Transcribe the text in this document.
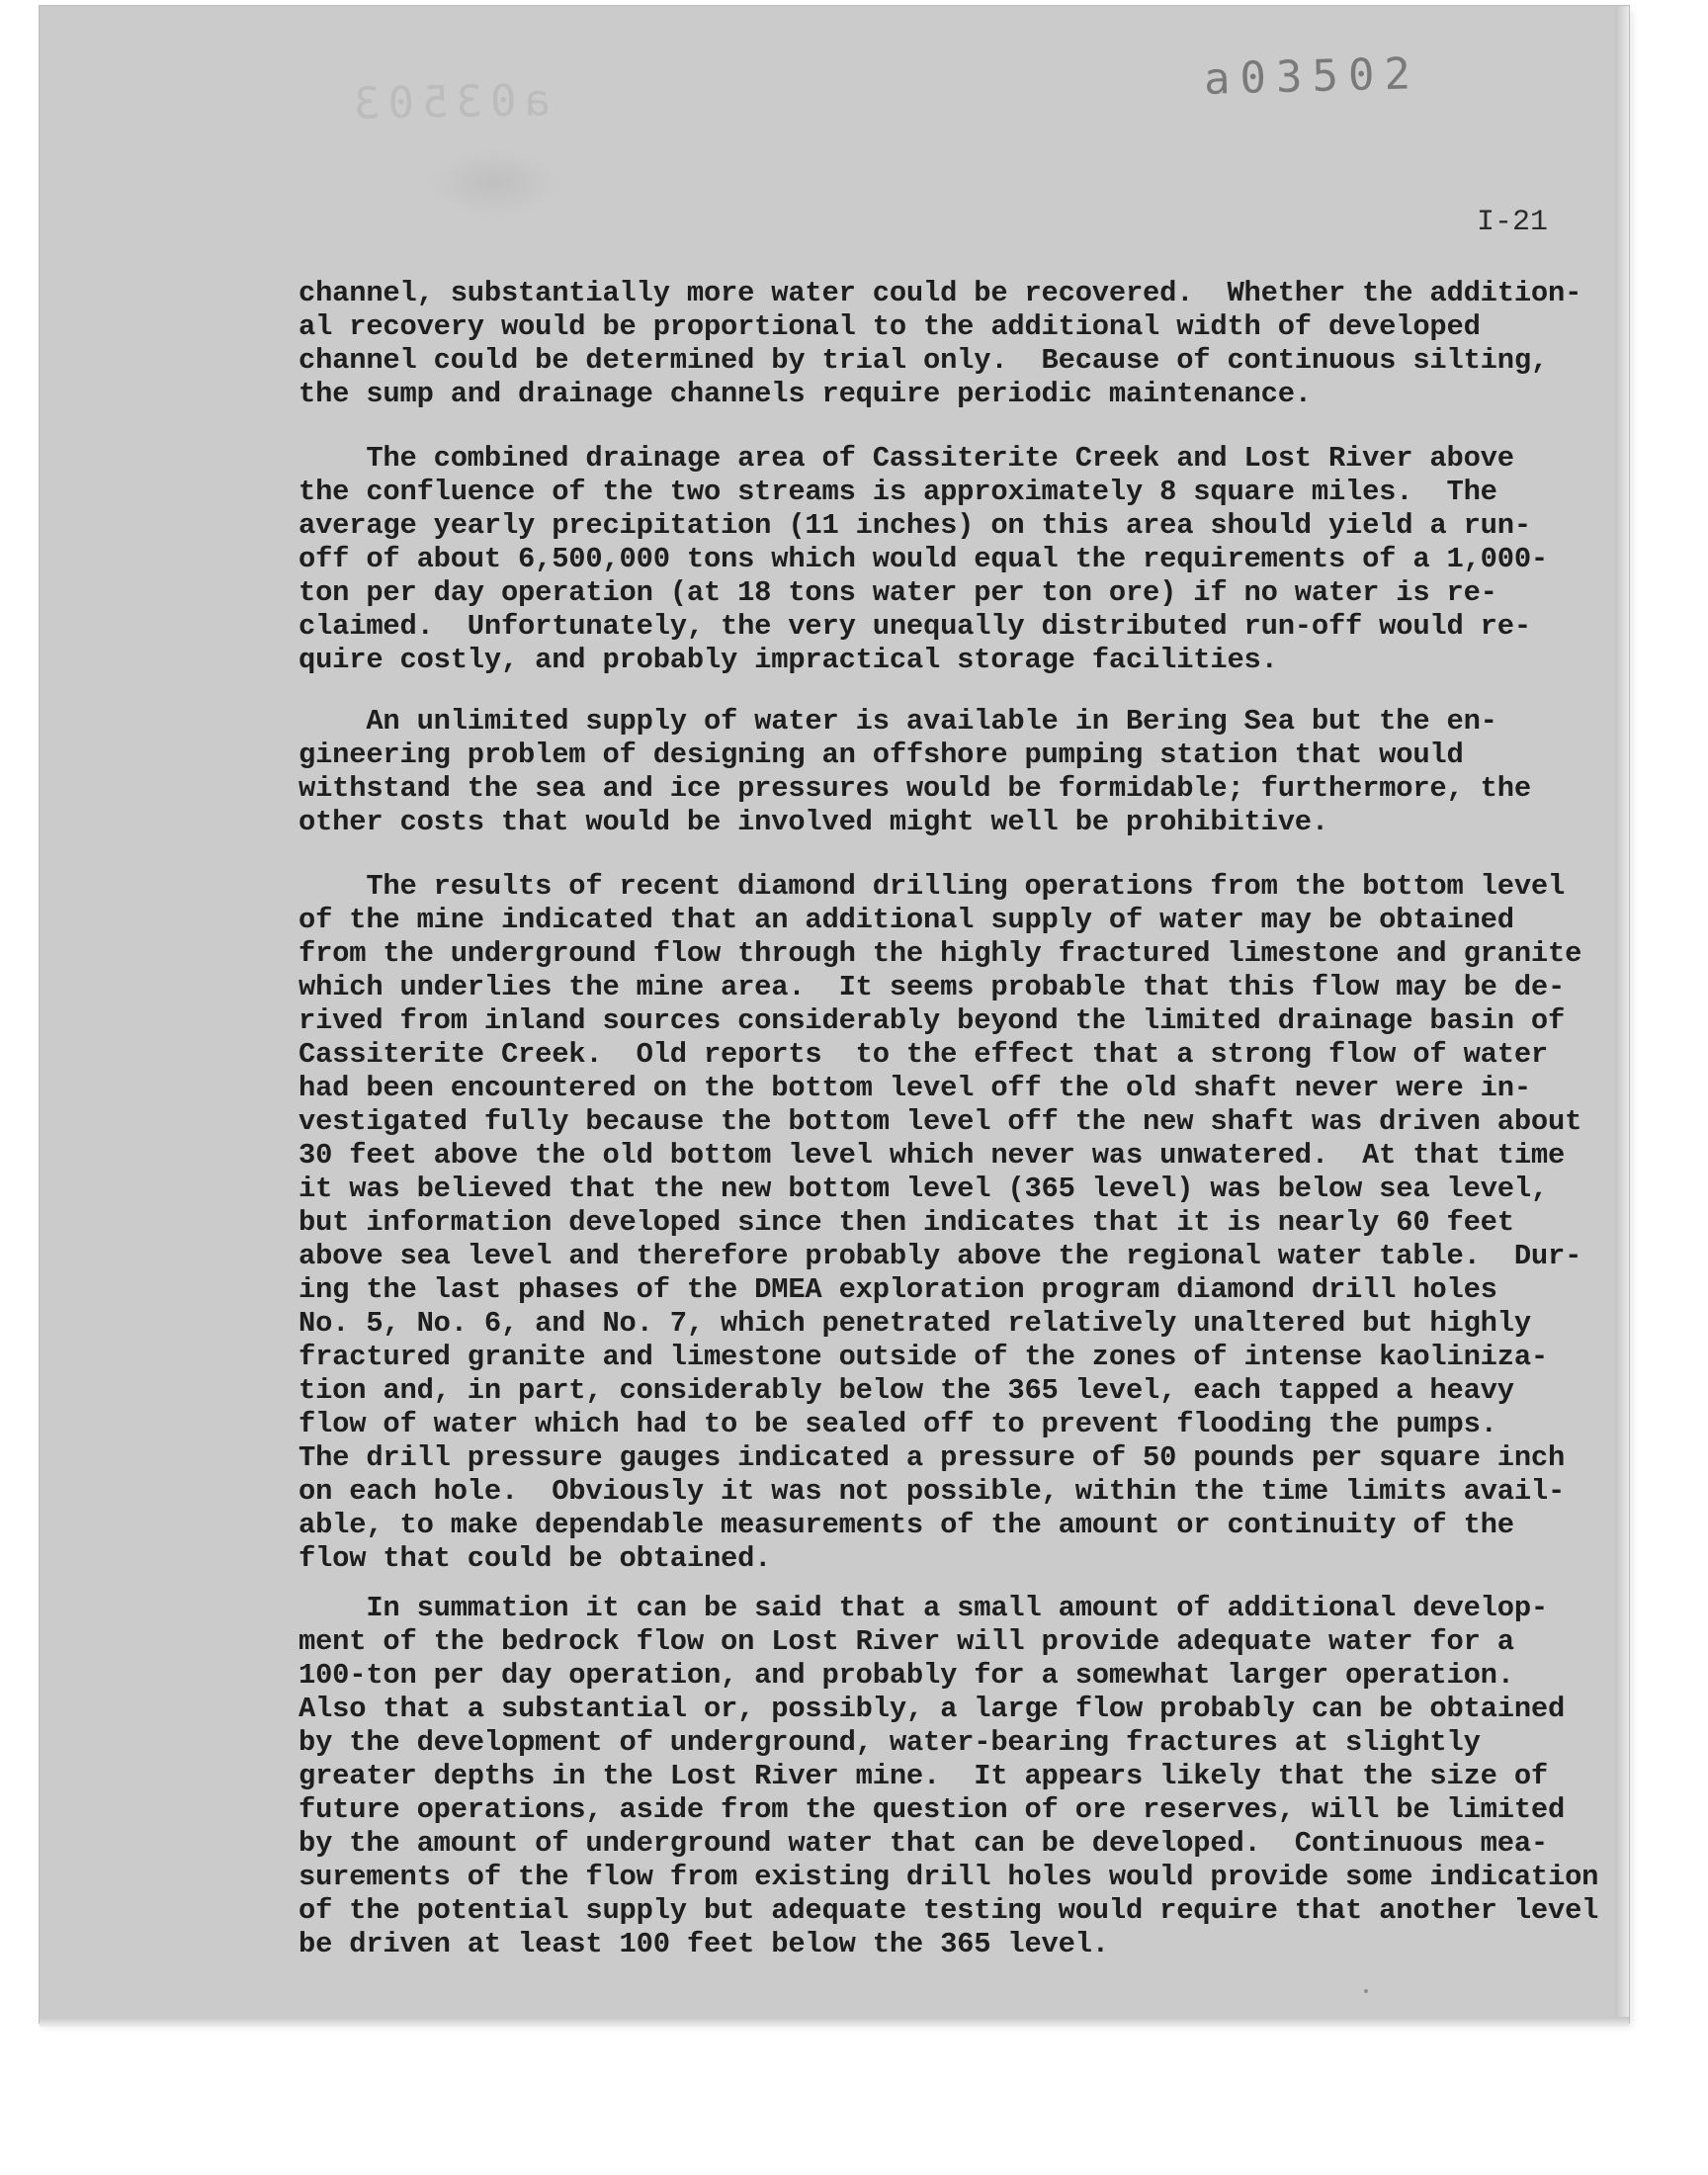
a03503	a03502
I-21
channel, substantially more water could be recovered.  Whether the addition-
al recovery would be proportional to the additional width of developed
channel could be determined by trial only.  Because of continuous silting,
the sump and drainage channels require periodic maintenance.
The combined drainage area of Cassiterite Creek and Lost River above
the confluence of the two streams is approximately 8 square miles.  The
average yearly precipitation (11 inches) on this area should yield a run-
off of about 6,500,000 tons which would equal the requirements of a 1,000-
ton per day operation (at 18 tons water per ton ore) if no water is re-
claimed.  Unfortunately, the very unequally distributed run-off would re-
quire costly, and probably impractical storage facilities.
An unlimited supply of water is available in Bering Sea but the en-
gineering problem of designing an offshore pumping station that would
withstand the sea and ice pressures would be formidable; furthermore, the
other costs that would be involved might well be prohibitive.
The results of recent diamond drilling operations from the bottom level
of the mine indicated that an additional supply of water may be obtained
from the underground flow through the highly fractured limestone and granite
which underlies the mine area.  It seems probable that this flow may be de-
rived from inland sources considerably beyond the limited drainage basin of
Cassiterite Creek.  Old reports  to the effect that a strong flow of water
had been encountered on the bottom level off the old shaft never were in-
vestigated fully because the bottom level off the new shaft was driven about
30 feet above the old bottom level which never was unwatered.  At that time
it was believed that the new bottom level (365 level) was below sea level,
but information developed since then indicates that it is nearly 60 feet
above sea level and therefore probably above the regional water table.  Dur-
ing the last phases of the DMEA exploration program diamond drill holes
No. 5, No. 6, and No. 7, which penetrated relatively unaltered but highly
fractured granite and limestone outside of the zones of intense kaoliniza-
tion and, in part, considerably below the 365 level, each tapped a heavy
flow of water which had to be sealed off to prevent flooding the pumps.
The drill pressure gauges indicated a pressure of 50 pounds per square inch
on each hole.  Obviously it was not possible, within the time limits avail-
able, to make dependable measurements of the amount or continuity of the
flow that could be obtained.
In summation it can be said that a small amount of additional develop-
ment of the bedrock flow on Lost River will provide adequate water for a
100-ton per day operation, and probably for a somewhat larger operation.
Also that a substantial or, possibly, a large flow probably can be obtained
by the development of underground, water-bearing fractures at slightly
greater depths in the Lost River mine.  It appears likely that the size of
future operations, aside from the question of ore reserves, will be limited
by the amount of underground water that can be developed.  Continuous mea-
surements of the flow from existing drill holes would provide some indication
of the potential supply but adequate testing would require that another level
be driven at least 100 feet below the 365 level.
